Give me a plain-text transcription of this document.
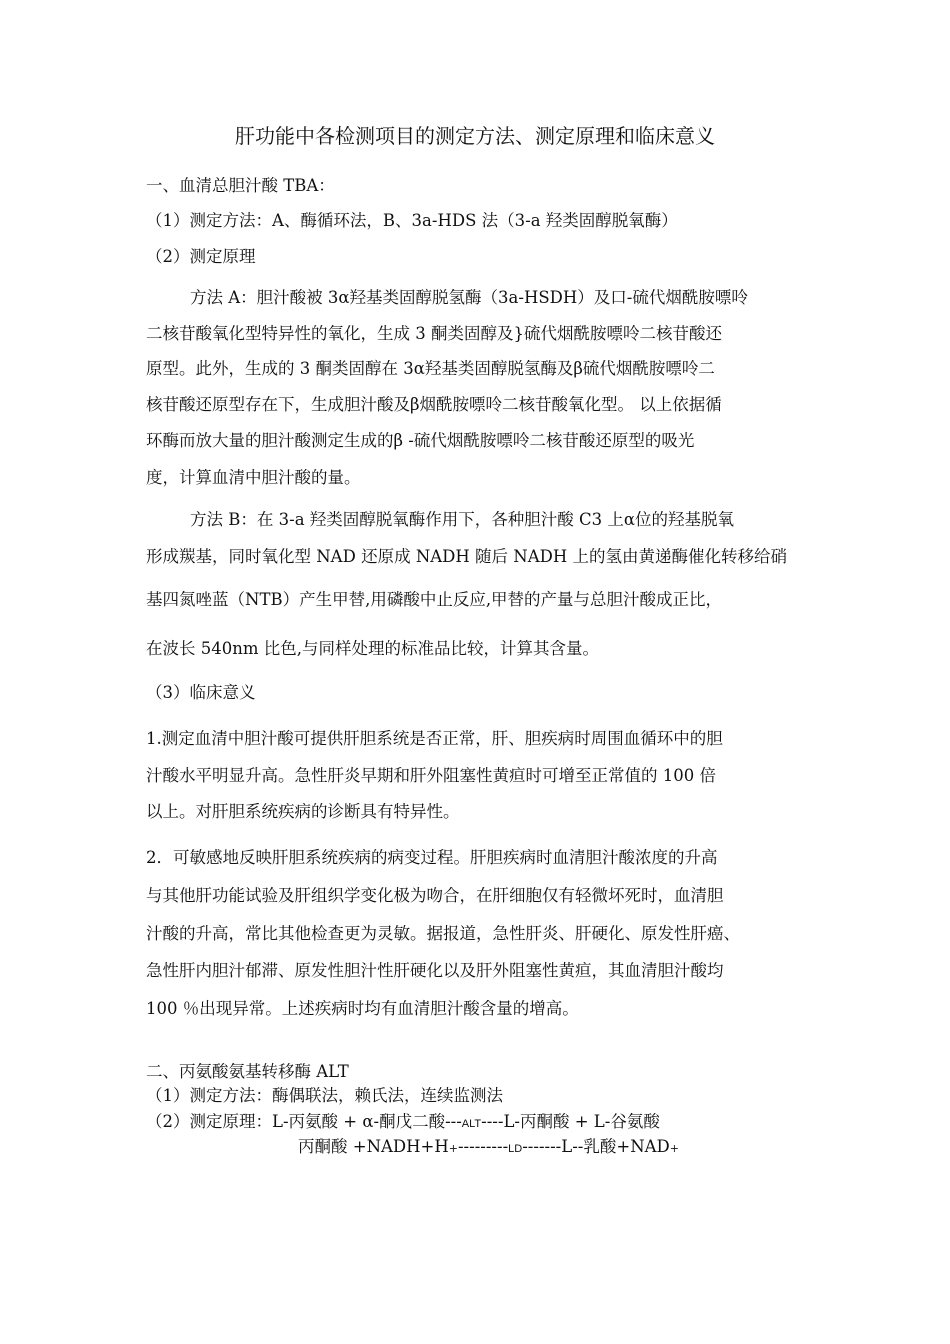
肝功能中各检测项目的测定方法、测定原理和临床意义
一、血清总胆汁酸 TBA：
（1）测定方法：A、酶循环法，B、3a-HDS 法（3-a 羟类固醇脱氧酶）
（2）测定原理
方法 A：胆汁酸被 3α羟基类固醇脱氢酶（3a-HSDH）及口-硫代烟酰胺嘌呤
二核苷酸氧化型特异性的氧化，生成 3 酮类固醇及}硫代烟酰胺嘌呤二核苷酸还
原型。此外，生成的 3 酮类固醇在 3α羟基类固醇脱氢酶及β硫代烟酰胺嘌呤二
核苷酸还原型存在下，生成胆汁酸及β烟酰胺嘌呤二核苷酸氧化型。 以上依据循
环酶而放大量的胆汁酸测定生成的β -硫代烟酰胺嘌呤二核苷酸还原型的吸光
度，计算血清中胆汁酸的量。
方法 B：在 3-a 羟类固醇脱氧酶作用下，各种胆汁酸 C3 上α位的羟基脱氧
形成羰基，同时氧化型 NAD 还原成 NADH 随后 NADH 上的氢由黄递酶催化转移给硝
基四氮唑蓝（NTB）产生甲替,用磷酸中止反应,甲替的产量与总胆汁酸成正比，
在波长 540nm 比色,与同样处理的标准品比较，计算其含量。
（3）临床意义
1.测定血清中胆汁酸可提供肝胆系统是否正常，肝、胆疾病时周围血循环中的胆
汁酸水平明显升高。急性肝炎早期和肝外阻塞性黄疸时可增至正常值的 100 倍
以上。对肝胆系统疾病的诊断具有特异性。
2．可敏感地反映肝胆系统疾病的病变过程。肝胆疾病时血清胆汁酸浓度的升高
与其他肝功能试验及肝组织学变化极为吻合，在肝细胞仅有轻微坏死时，血清胆
汁酸的升高，常比其他检查更为灵敏。据报道，急性肝炎、肝硬化、原发性肝癌、
急性肝内胆汁郁滞、原发性胆汁性肝硬化以及肝外阻塞性黄疸，其血清胆汁酸均
100 ％出现异常。上述疾病时均有血清胆汁酸含量的增高。
二、丙氨酸氨基转移酶 ALT
（1）测定方法：酶偶联法，赖氏法，连续监测法
（2）测定原理：L-丙氨酸 + α-酮戊二酸---ALT----L-丙酮酸 + L-谷氨酸
丙酮酸 +NADH+H+---------LD-------L--乳酸+NAD+
